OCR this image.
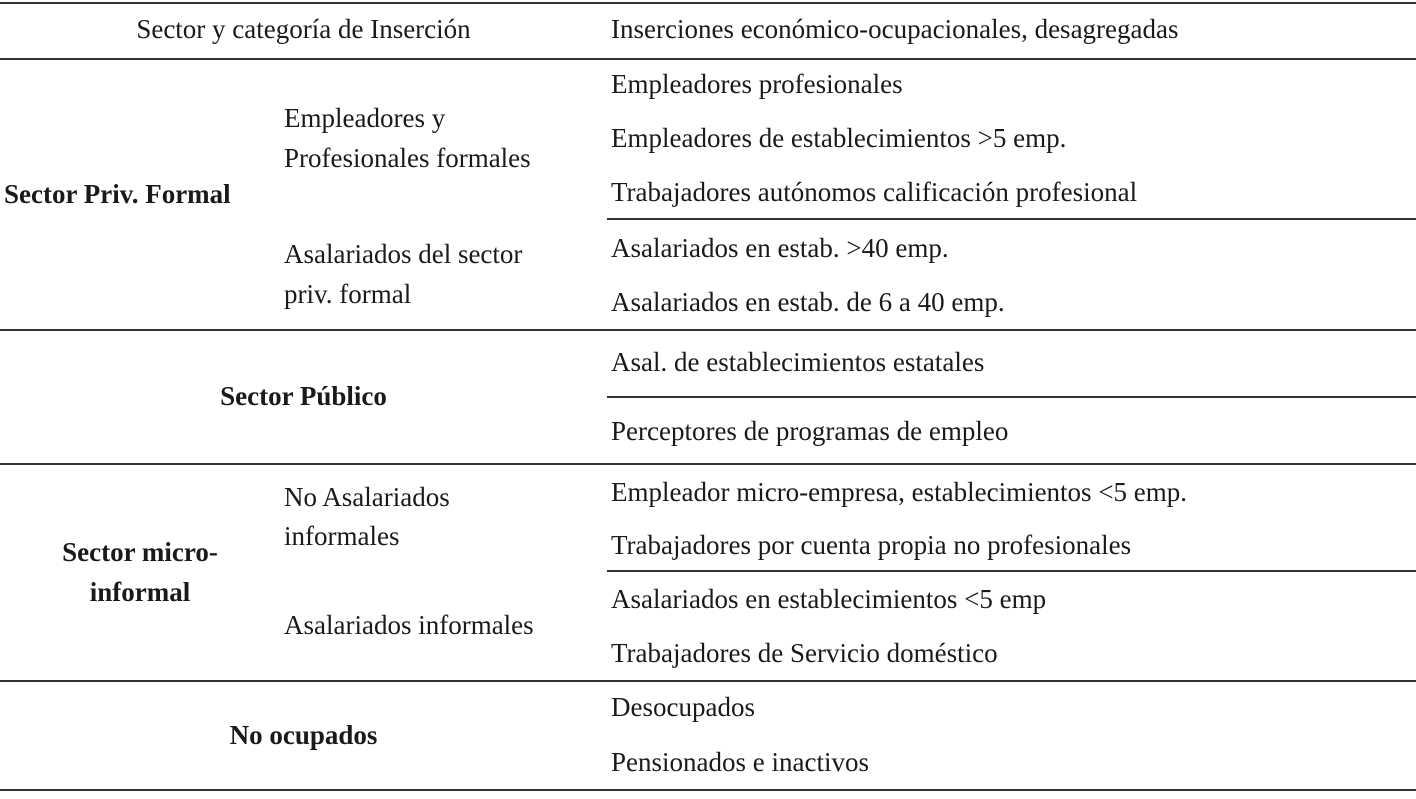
Sector y categoría de Inserción	Inserciones económico-ocupacionales, desagregadas
Sector Priv. Formal
Empleadores y
Profesionales formales
Empleadores profesionales
Empleadores de establecimientos >5 emp.
Trabajadores autónomos calificación profesional
Asalariados del sector
priv. formal
Asalariados en estab. >40 emp.
Asalariados en estab. de 6 a 40 emp.
Sector Público
Asal. de establecimientos estatales
Perceptores de programas de empleo
Sector micro-
informal
No Asalariados
informales
Empleador micro-empresa, establecimientos <5 emp.
Trabajadores por cuenta propia no profesionales
Asalariados informales
Asalariados en establecimientos <5 emp
Trabajadores de Servicio doméstico
No ocupados
Desocupados
Pensionados e inactivos
